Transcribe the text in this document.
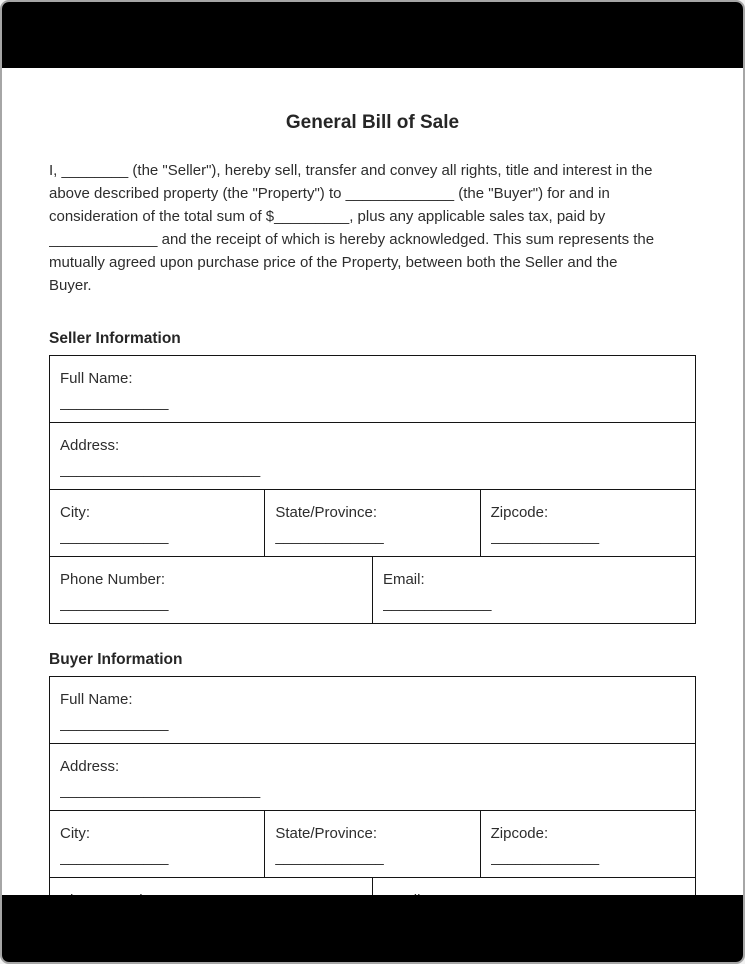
General Bill of Sale
I, ________ (the "Seller"), hereby sell, transfer and convey all rights, title and interest in the
above described property (the "Property") to _____________ (the "Buyer") for and in
consideration of the total sum of $_________, plus any applicable sales tax, paid by
_____________ and the receipt of which is hereby acknowledged. This sum represents the
mutually agreed upon purchase price of the Property, between both the Seller and the
Buyer.
Seller Information
Full Name:
_____________			

Address:
________________________			

City:
_____________

State/Province:
_____________

Zipcode:
_____________

Phone Number:
_____________

Email:
_____________
Buyer Information
Full Name:
_____________			

Address:
________________________			

City:
_____________

State/Province:
_____________

Zipcode:
_____________
